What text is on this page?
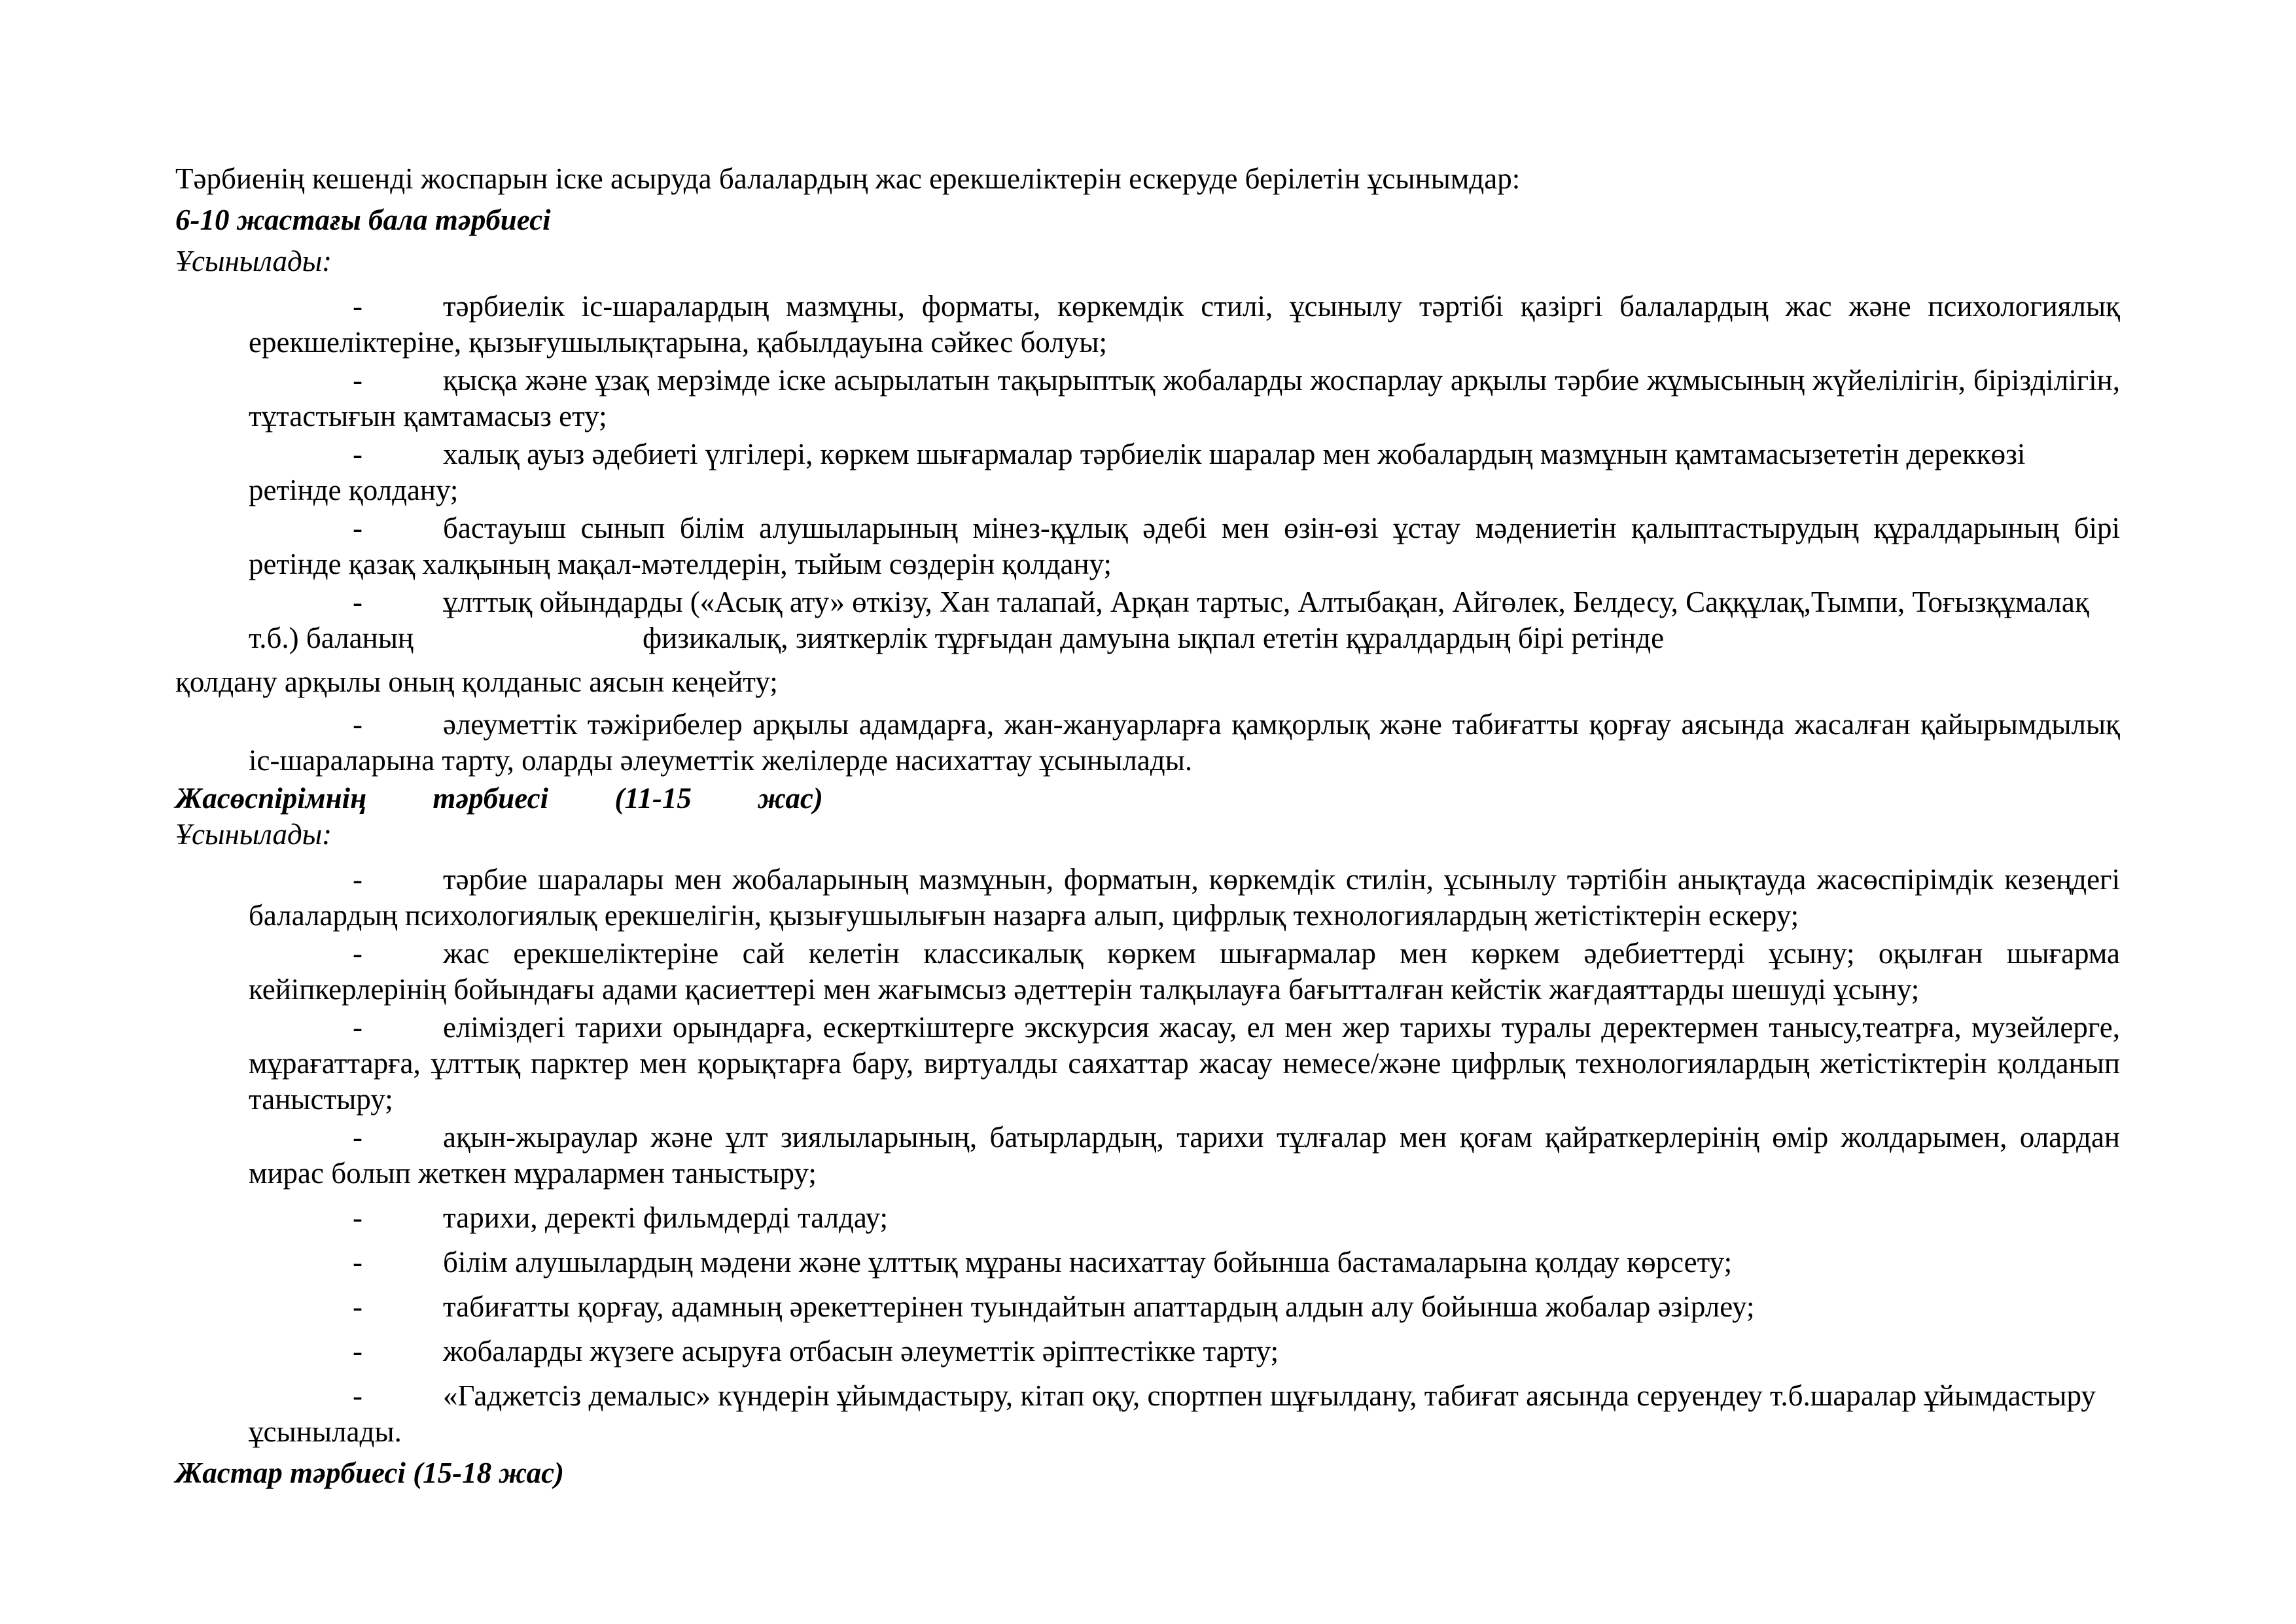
Тәрбиенің кешенді жоспарын іске асыруда балалардың жас ерекшеліктерін ескеруде берілетін ұсынымдар:

6-10 жастағы бала тәрбиесі

Ұсынылады:

-	тәрбиелік іс-шаралардың мазмұны, форматы, көркемдік стилі, ұсынылу тәртібі қазіргі балалардың жас және психологиялық ерекшеліктеріне, қызығушылықтарына, қабылдауына сәйкес болуы;
-	қысқа және ұзақ мерзімде іске асырылатын тақырыптық жобаларды жоспарлау арқылы тәрбие жұмысының жүйелілігін, бірізділігін, тұтастығын қамтамасыз ету;
-	халық ауыз әдебиеті үлгілері, көркем шығармалар тәрбиелік шаралар мен жобалардың мазмұнын қамтамасызететін дереккөзі ретінде қолдану;
-	бастауыш сынып білім алушыларының мінез-құлық әдебі мен өзін-өзі ұстау мәдениетін қалыптастырудың құралдарының бірі ретінде қазақ халқының мақал-мәтелдерін, тыйым сөздерін қолдану;
-	ұлттық ойындарды («Асық ату» өткізу, Хан талапай, Арқан тартыс, Алтыбақан, Айгөлек, Белдесу, Саққұлақ,Тымпи, Тоғызқұмалақ т.б.) баланың	физикалық, зияткерлік тұрғыдан дамуына ықпал ететін құралдардың бірі ретінде

қолдану арқылы оның қолданыс аясын кеңейту;

-	әлеуметтік тәжірибелер арқылы адамдарға, жан-жануарларға қамқорлық және табиғатты қорғау аясында жасалған қайырымдылық іс-шараларына тарту, оларды әлеуметтік желілерде насихаттау ұсынылады.

Жасөспірімнің тәрбиесі (11-15 жас)

Ұсынылады:

-	тәрбие шаралары мен жобаларының мазмұнын, форматын, көркемдік стилін, ұсынылу тәртібін анықтауда жасөспірімдік кезеңдегі балалардың психологиялық ерекшелігін, қызығушылығын назарға алып, цифрлық технологиялардың жетістіктерін ескеру;
-	жас ерекшеліктеріне сай келетін классикалық көркем шығармалар мен көркем әдебиеттерді ұсыну; оқылған шығарма кейіпкерлерінің бойындағы адами қасиеттері мен жағымсыз әдеттерін талқылауға бағытталған кейстік жағдаяттарды шешуді ұсыну;
-	еліміздегі тарихи орындарға, ескерткіштерге экскурсия жасау, ел мен жер тарихы туралы деректермен танысу,театрға, музейлерге, мұрағаттарға, ұлттық парктер мен қорықтарға бару, виртуалды саяхаттар жасау немесе/және цифрлық технологиялардың жетістіктерін қолданып таныстыру;
-	ақын-жыраулар және ұлт зиялыларының, батырлардың, тарихи тұлғалар мен қоғам қайраткерлерінің өмір жолдарымен, олардан мирас болып жеткен мұралармен таныстыру;
-	тарихи, деректі фильмдерді талдау;
-	білім алушылардың мәдени және ұлттық мұраны насихаттау бойынша бастамаларына қолдау көрсету;
-	табиғатты қорғау, адамның әрекеттерінен туындайтын апаттардың алдын алу бойынша жобалар әзірлеу;
-	жобаларды жүзеге асыруға отбасын әлеуметтік әріптестікке тарту;
-	«Гаджетсіз демалыс» күндерін ұйымдастыру, кітап оқу, спортпен шұғылдану, табиғат аясында серуендеу т.б.шаралар ұйымдастыру ұсынылады.

Жастар тәрбиесі (15-18 жас)
